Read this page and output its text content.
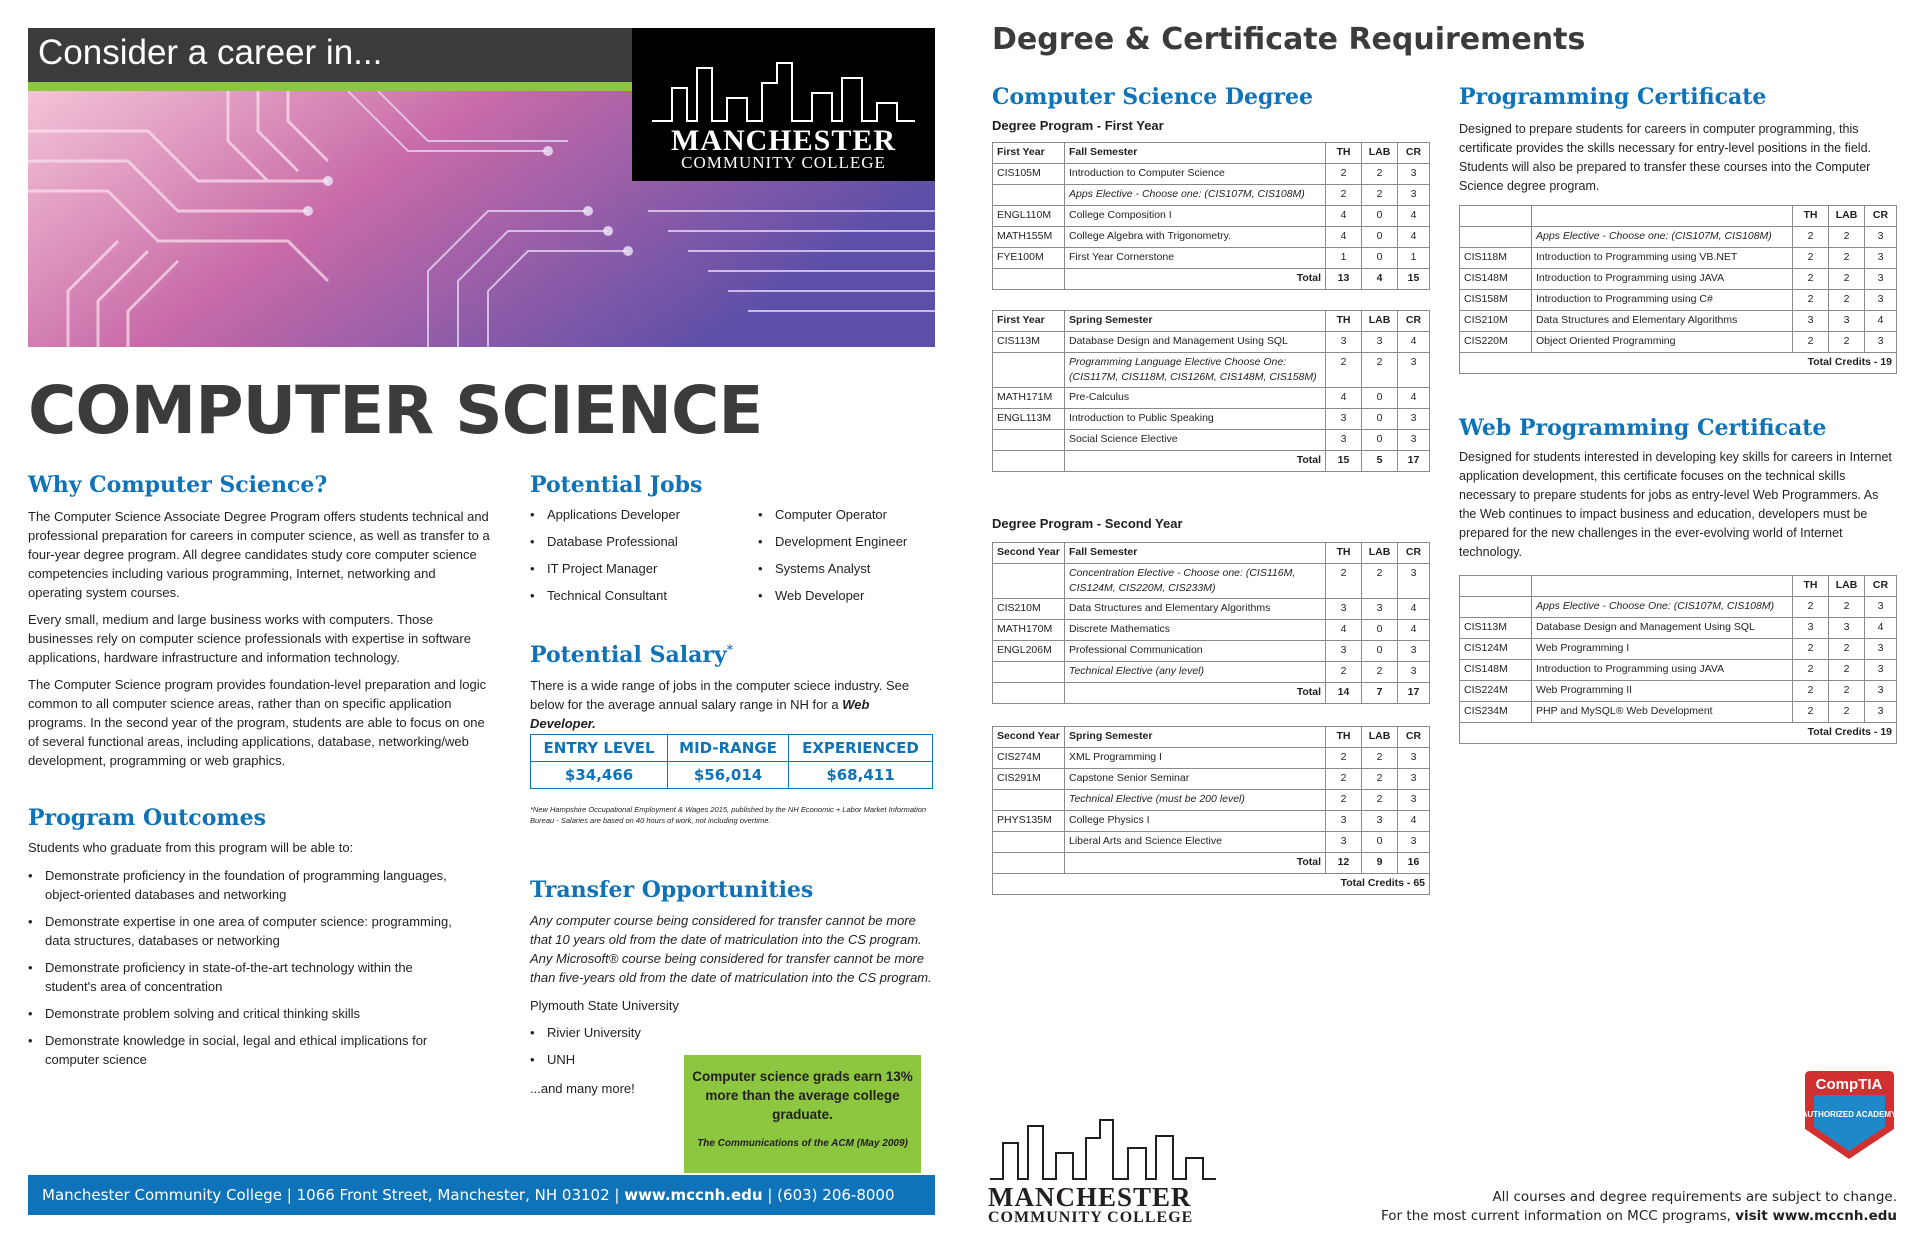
Consider a career in...
MANCHESTER
COMMUNITY COLLEGE
COMPUTER SCIENCE
Why Computer Science?

The Computer Science Associate Degree Program offers students technical and professional preparation for careers in computer science, as well as transfer to a four-year degree program. All degree candidates study core computer science competencies including various programming, Internet, networking and operating system courses.

Every small, medium and large business works with computers. Those businesses rely on computer science professionals with expertise in software applications, hardware infrastructure and information technology.

The Computer Science program provides foundation-level preparation and logic common to all computer science areas, rather than on specific application programs. In the second year of the program, students are able to focus on one of several functional areas, including applications, database, networking/web development, programming or web graphics.

Program Outcomes
Students who graduate from this program will be able to:
• Demonstrate proficiency in the foundation of programming languages, object-oriented databases and networking
• Demonstrate expertise in one area of computer science: programming, data structures, databases or networking
• Demonstrate proficiency in state-of-the-art technology within the student's area of concentration
• Demonstrate problem solving and critical thinking skills
• Demonstrate knowledge in social, legal and ethical implications for computer science
Potential Jobs
• Applications Developer
• Database Professional
• IT Project Manager
• Technical Consultant
• Computer Operator
• Development Engineer
• Systems Analyst
• Web Developer
Potential Salary*
There is a wide range of jobs in the computer sciece industry. See below for the average annual salary range in NH for a Web Developer.
ENTRY LEVEL	MID-RANGE	EXPERIENCED
$34,466	$56,014	$68,411
*New Hampshire Occupational Employment & Wages 2015, published by the NH Economic + Labor Market Information Bureau - Salaries are based on 40 hours of work, not including overtime.
Transfer Opportunities
Any computer course being considered for transfer cannot be more that 10 years old from the date of matriculation into the CS program. Any Microsoft® course being considered for transfer cannot be more than five-years old from the date of matriculation into the CS program.
Plymouth State University
• Rivier University
• UNH
...and many more!
Computer science grads earn 13% more than the average college graduate.
The Communications of the ACM (May 2009)
Manchester Community College | 1066 Front Street, Manchester, NH 03102 | www.mccnh.edu | (603) 206-8000
Degree & Certificate Requirements
Computer Science Degree
Degree Program - First Year
First Year	Fall Semester	TH	LAB	CR
CIS105M	Introduction to Computer Science	2	2	3
	Apps Elective - Choose one: (CIS107M, CIS108M)	2	2	3
ENGL110M	College Composition I	4	0	4
MATH155M	College Algebra with Trigonometry.	4	0	4
FYE100M	First Year Cornerstone	1	0	1
	Total	13	4	15
First Year	Spring Semester	TH	LAB	CR
CIS113M	Database Design and Management Using SQL	3	3	4
	Programming Language Elective Choose One: (CIS117M, CIS118M, CIS126M, CIS148M, CIS158M)	2	2	3
MATH171M	Pre-Calculus	4	0	4
ENGL113M	Introduction to Public Speaking	3	0	3
	Social Science Elective	3	0	3
	Total	15	5	17
Degree Program - Second Year
Second Year	Fall Semester	TH	LAB	CR
	Concentration Elective - Choose one: (CIS116M, CIS124M, CIS220M, CIS233M)	2	2	3
CIS210M	Data Structures and Elementary Algorithms	3	3	4
MATH170M	Discrete Mathematics	4	0	4
ENGL206M	Professional Communication	3	0	3
	Technical Elective (any level)	2	2	3
	Total	14	7	17
Second Year	Spring Semester	TH	LAB	CR
CIS274M	XML Programming I	2	2	3
CIS291M	Capstone Senior Seminar	2	2	3
	Technical Elective (must be 200 level)	2	2	3
PHYS135M	College Physics I	3	3	4
	Liberal Arts and Science Elective	3	0	3
	Total	12	9	16
Total Credits - 65				
Programming Certificate
Designed to prepare students for careers in computer programming, this certificate provides the skills necessary for entry-level positions in the field. Students will also be prepared to transfer these courses into the Computer Science degree program.
		TH	LAB	CR
	Apps Elective - Choose one: (CIS107M, CIS108M)	2	2	3
CIS118M	Introduction to Programming using VB.NET	2	2	3
CIS148M	Introduction to Programming using JAVA	2	2	3
CIS158M	Introduction to Programming using C#	2	2	3
CIS210M	Data Structures and Elementary Algorithms	3	3	4
CIS220M	Object Oriented Programming	2	2	3
Total Credits - 19				
Web Programming Certificate
Designed for students interested in developing key skills for careers in Internet application development, this certificate focuses on the technical skills necessary to prepare students for jobs as entry-level Web Programmers. As the Web continues to impact business and education, developers must be prepared for the new challenges in the ever-evolving world of Internet technology.
		TH	LAB	CR
	Apps Elective - Choose One: (CIS107M, CIS108M)	2	2	3
CIS113M	Database Design and Management Using SQL	3	3	4
CIS124M	Web Programming I	2	2	3
CIS148M	Introduction to Programming using JAVA	2	2	3
CIS224M	Web Programming II	2	2	3
CIS234M	PHP and MySQL® Web Development	2	2	3
Total Credits - 19				
CompTIA
AUTHORIZED ACADEMY
MANCHESTER
COMMUNITY COLLEGE
All courses and degree requirements are subject to change.
For the most current information on MCC programs, visit www.mccnh.edu
